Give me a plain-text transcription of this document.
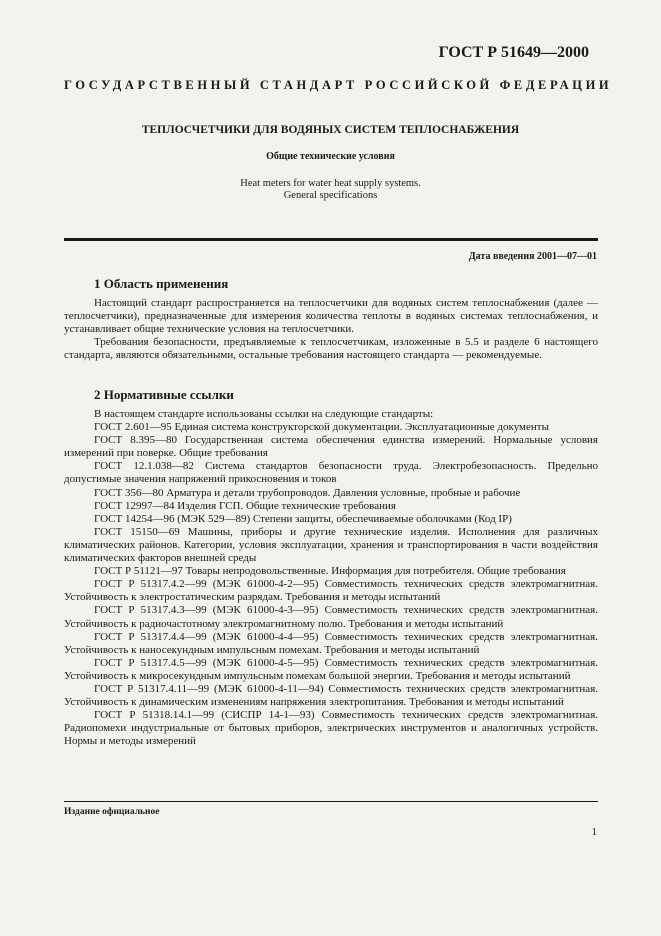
ГОСТ Р 51649—2000
ГОСУДАРСТВЕННЫЙ СТАНДАРТ РОССИЙСКОЙ ФЕДЕРАЦИИ
ТЕПЛОСЧЕТЧИКИ ДЛЯ ВОДЯНЫХ СИСТЕМ ТЕПЛОСНАБЖЕНИЯ
Общие технические условия
Heat meters for water heat supply systems.
General specifications
Дата введения 2001—07—01
1 Область применения

Настоящий стандарт распространяется на теплосчетчики для водяных систем теплоснабжения (далее — теплосчетчики), предназначенные для измерения количества теплоты в водяных системах теплоснабжения, и устанавливает общие технические условия на теплосчетчики.

Требования безопасности, предъявляемые к теплосчетчикам, изложенные в 5.5 и разделе 6 настоящего стандарта, являются обязательными, остальные требования настоящего стандарта — рекомендуемые.

2 Нормативные ссылки

В настоящем стандарте использованы ссылки на следующие стандарты:

ГОСТ 2.601—95 Единая система конструкторской документации. Эксплуатационные документы

ГОСТ 8.395—80 Государственная система обеспечения единства измерений. Нормальные условия измерений при поверке. Общие требования

ГОСТ 12.1.038—82 Система стандартов безопасности труда. Электробезопасность. Предельно допустимые значения напряжений прикосновения и токов

ГОСТ 356—80 Арматура и детали трубопроводов. Давления условные, пробные и рабочие

ГОСТ 12997—84 Изделия ГСП. Общие технические требования

ГОСТ 14254—96 (МЭК 529—89) Степени защиты, обеспечиваемые оболочками (Код IP)

ГОСТ 15150—69 Машины, приборы и другие технические изделия. Исполнения для различных климатических районов. Категории, условия эксплуатации, хранения и транспортирования в части воздействия климатических факторов внешней среды

ГОСТ Р 51121—97 Товары непродовольственные. Информация для потребителя. Общие требования

ГОСТ Р 51317.4.2—99 (МЭК 61000-4-2—95) Совместимость технических средств электромагнитная. Устойчивость к электростатическим разрядам. Требования и методы испытаний

ГОСТ Р 51317.4.3—99 (МЭК 61000-4-3—95) Совместимость технических средств электромагнитная. Устойчивость к радиочастотному электромагнитному полю. Требования и методы испытаний

ГОСТ Р 51317.4.4—99 (МЭК 61000-4-4—95) Совместимость технических средств электромагнитная. Устойчивость к наносекундным импульсным помехам. Требования и методы испытаний

ГОСТ Р 51317.4.5—99 (МЭК 61000-4-5—95) Совместимость технических средств электромагнитная. Устойчивость к микросекундным импульсным помехам большой энергии. Требования и методы испытаний

ГОСТ Р 51317.4.11—99 (МЭК 61000-4-11—94) Совместимость технических средств электромагнитная. Устойчивость к динамическим изменениям напряжения электропитания. Требования и методы испытаний

ГОСТ Р 51318.14.1—99 (СИСПР 14-1—93) Совместимость технических средств электромагнитная. Радиопомехи индустриальные от бытовых приборов, электрических инструментов и аналогичных устройств. Нормы и методы измерений

Издание официальное
1
